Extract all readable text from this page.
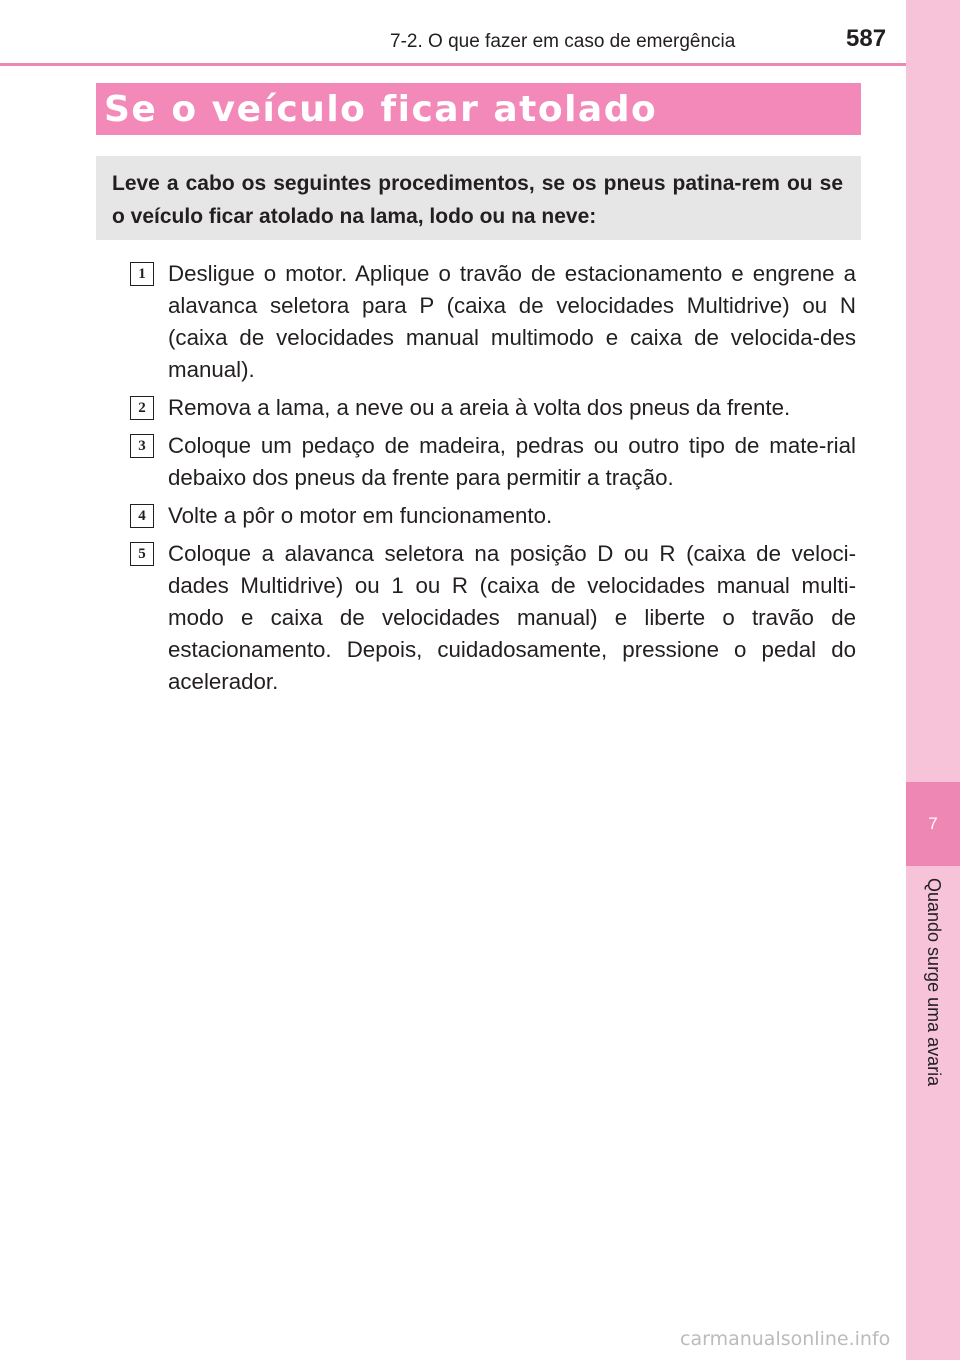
7
Quando surge uma avaria
7-2. O que fazer em caso de emergência	587
Se o veículo ficar atolado

Leve a cabo os seguintes procedimentos, se os pneus patina-rem ou se o veículo ficar atolado na lama, lodo ou na neve:

1 Desligue o motor. Aplique o travão de estacionamento e engrene a alavanca seletora para P (caixa de velocidades Multidrive) ou N (caixa de velocidades manual multimodo e caixa de velocida-des manual).

2 Remova a lama, a neve ou a areia à volta dos pneus da frente.

3 Coloque um pedaço de madeira, pedras ou outro tipo de mate-rial debaixo dos pneus da frente para permitir a tração.

4 Volte a pôr o motor em funcionamento.

5 Coloque a alavanca seletora na posição D ou R (caixa de veloci-dades Multidrive) ou 1 ou R (caixa de velocidades manual multi-modo e caixa de velocidades manual) e liberte o travão de estacionamento. Depois, cuidadosamente, pressione o pedal do acelerador.

carmanualsonline.info
